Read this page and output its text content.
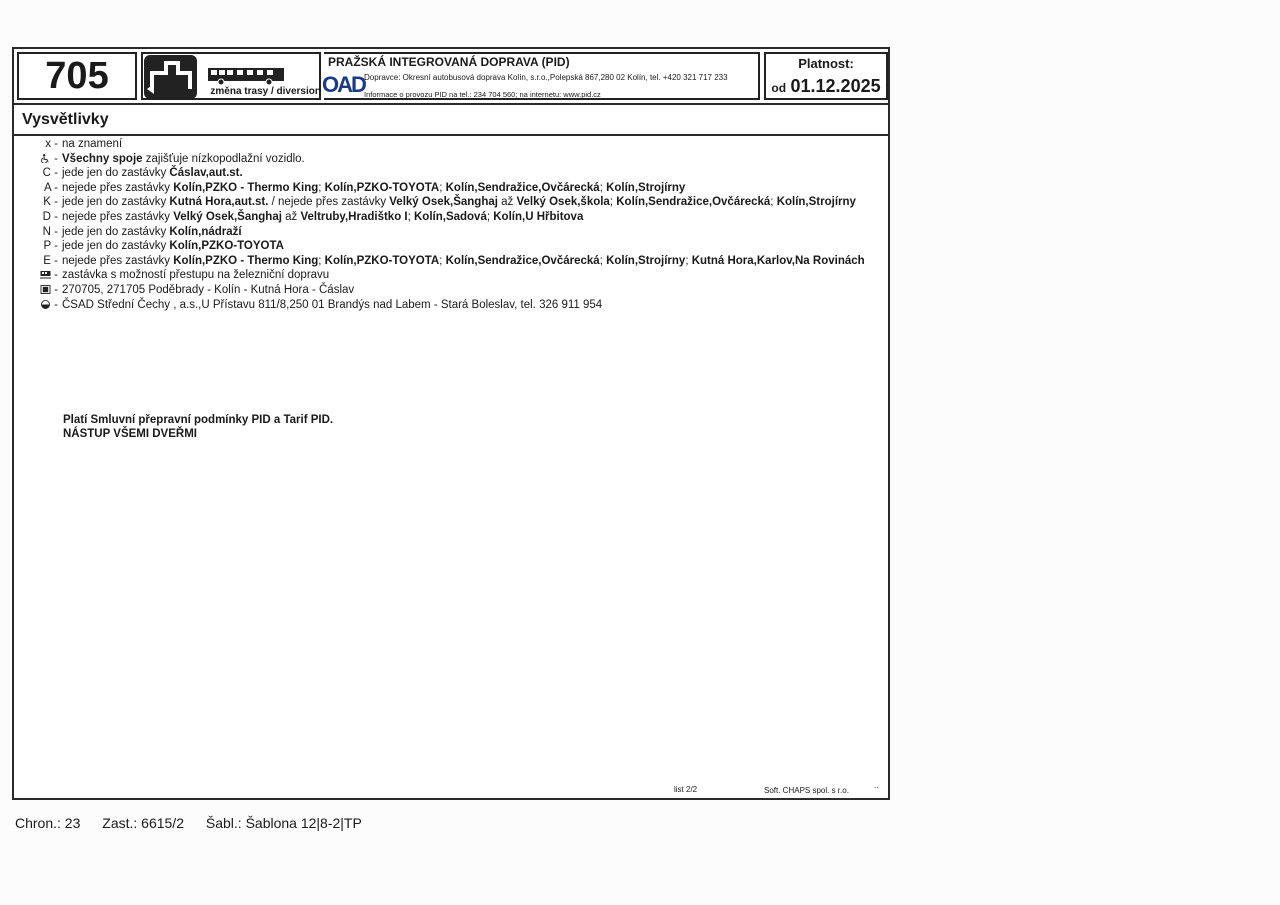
705	změna trasy / diversion
PRAŽSKÁ INTEGROVANÁ DOPRAVA (PID)
OAD Dopravce: Okresní autobusová doprava Kolín, s.r.o.,Polepská 867,280 02 Kolín, tel. +420 321 717 233
Informace o provozu PID na tel.: 234 704 560; na internetu: www.pid.cz
Platnost:
od 01.12.2025
Vysvětlivky
x - na znamení
- Všechny spoje zajišťuje nízkopodlažní vozidlo.
C - jede jen do zastávky Čáslav,aut.st.
A - nejede přes zastávky Kolín,PZKO - Thermo King; Kolín,PZKO-TOYOTA; Kolín,Sendražice,Ovčárecká; Kolín,Strojírny
K - jede jen do zastávky Kutná Hora,aut.st. / nejede přes zastávky Velký Osek,Šanghaj až Velký Osek,škola; Kolín,Sendražice,Ovčárecká; Kolín,Strojírny
D - nejede přes zastávky Velký Osek,Šanghaj až Veltruby,Hradištko I; Kolín,Sadová; Kolín,U Hřbitova
N - jede jen do zastávky Kolín,nádraží
P - jede jen do zastávky Kolín,PZKO-TOYOTA
E - nejede přes zastávky Kolín,PZKO - Thermo King; Kolín,PZKO-TOYOTA; Kolín,Sendražice,Ovčárecká; Kolín,Strojírny; Kutná Hora,Karlov,Na Rovinách
- zastávka s možností přestupu na železniční dopravu
- 270705, 271705 Poděbrady - Kolín - Kutná Hora - Čáslav
- ČSAD Střední Čechy , a.s.,U Přístavu 811/8,250 01 Brandýs nad Labem - Stará Boleslav, tel. 326 911 954
Platí Smluvní přepravní podmínky PID a Tarif PID.
NÁSTUP VŠEMI DVEŘMI
list 2/2	Soft. CHAPS spol. s r.o.
..
Chron.: 23 Zast.: 6615/2 Šabl.: Šablona 12|8-2|TP
